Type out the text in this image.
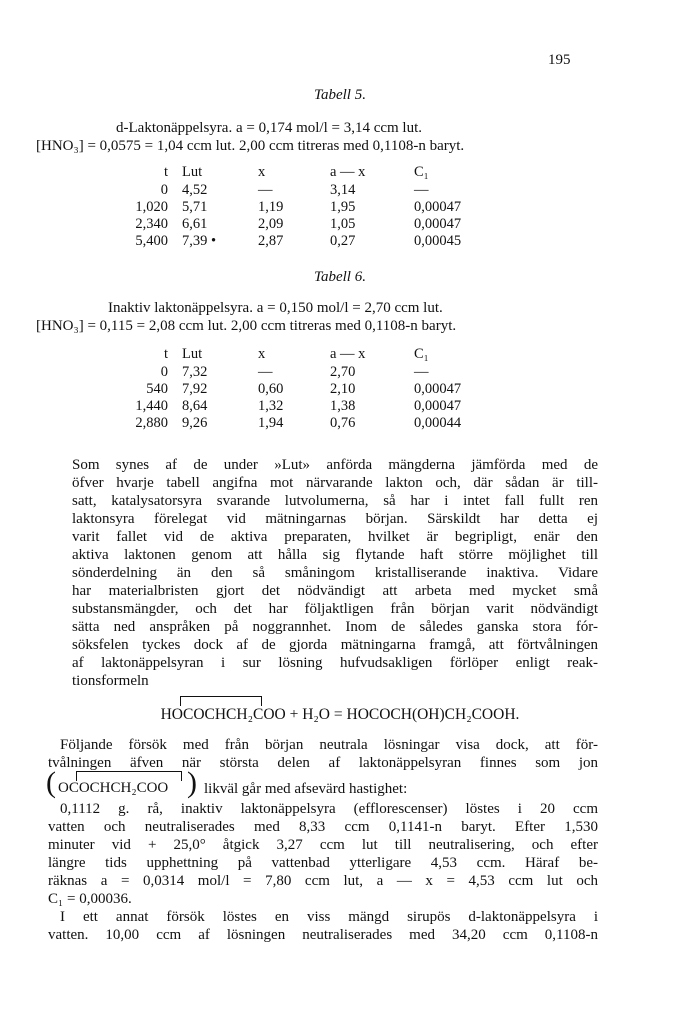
195
Tabell 5.
d-Laktonäppelsyra. a = 0,174 mol/l = 3,14 ccm lut.
[HNO₃] = 0,0575 = 1,04 ccm lut. 2,00 ccm titreras med 0,1108-n baryt.
t	Lut	x	a — x	C₁
0	4,52	—	3,14	—
1,020	5,71	1,19	1,95	0,00047
2,340	6,61	2,09	1,05	0,00047
5,400	7,39 •	2,87	0,27	0,00045
Tabell 6.
Inaktiv laktonäppelsyra. a = 0,150 mol/l = 2,70 ccm lut.
[HNO₃] = 0,115 = 2,08 ccm lut. 2,00 ccm titreras med 0,1108-n baryt.
t	Lut	x	a — x	C₁
0	7,32	—	2,70	—
540	7,92	0,60	2,10	0,00047
1,440	8,64	1,32	1,38	0,00047
2,880	9,26	1,94	0,76	0,00044
Som synes af de under »Lut» anförda mängderna jämförda med de
öfver hvarje tabell angifna mot närvarande lakton och, där sådan är till-
satt, katalysatorsyra svarande lutvolumerna, så har i intet fall fullt ren
laktonsyra förelegat vid mätningarnas början. Särskildt har detta ej
varit fallet vid de aktiva preparaten, hvilket är begripligt, enär den
aktiva laktonen genom att hålla sig flytande haft större möjlighet till
sönderdelning än den så småningom kristalliserande inaktiva. Vidare
har materialbristen gjort det nödvändigt att arbeta med mycket små
substansmängder, och det har följaktligen från början varit nödvändigt
sätta ned anspråken på noggrannhet. Inom de således ganska stora fór-
söksfelen tyckes dock af de gjorda mätningarna framgå, att förtvålningen
af laktonäppelsyran i sur lösning hufvudsakligen förlöper enligt reak-
tionsformeln
HOCOCHCH₂COO + H₂O = HOCOCH(OH)CH₂COOH.
Följande försök med från början neutrala lösningar visa dock, att för-
tvålningen äfven när största delen af laktonäppelsyran finnes som jon
( OCOCHCH₂COO ) likväl går med afsevärd hastighet:
0,1112 g. rå, inaktiv laktonäppelsyra (efflorescenser) löstes i 20 ccm
vatten och neutraliserades med 8,33 ccm 0,1141-n baryt. Efter 1,530
minuter vid + 25,0° åtgick 3,27 ccm lut till neutralisering, och efter
längre tids upphettning på vattenbad ytterligare 4,53 ccm. Häraf be-
räknas a = 0,0314 mol/l = 7,80 ccm lut, a — x = 4,53 ccm lut och
C₁ = 0,00036.
I ett annat försök löstes en viss mängd sirupös d-laktonäppelsyra i
vatten. 10,00 ccm af lösningen neutraliserades med 34,20 ccm 0,1108-n
